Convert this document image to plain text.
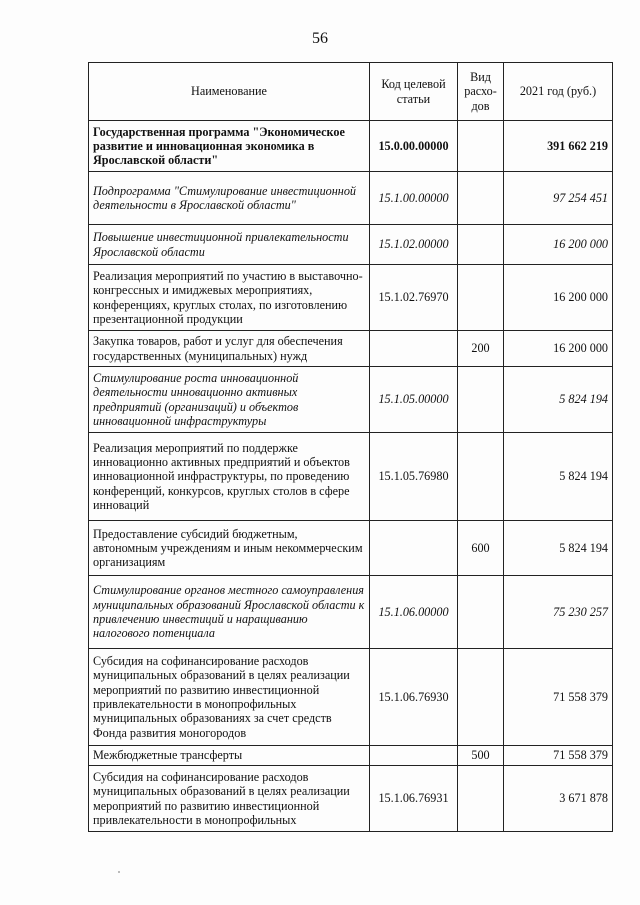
56
Наименование	Код целевой статьи	Вид расхо-дов	2021 год (руб.)
Государственная программа "Экономическое развитие и инновационная экономика в Ярославской области"	15.0.00.00000		391 662 219
Подпрограмма "Стимулирование инвестиционной деятельности в Ярославской области"	15.1.00.00000		97 254 451
Повышение инвестиционной привлекательности Ярославской области	15.1.02.00000		16 200 000
Реализация мероприятий по участию в выставочно-конгрессных и имиджевых мероприятиях, конференциях, круглых столах, по изготовлению презентационной продукции	15.1.02.76970		16 200 000
Закупка товаров, работ и услуг для обеспечения государственных (муниципальных) нужд		200	16 200 000
Стимулирование роста инновационной деятельности инновационно активных предприятий (организаций) и объектов инновационной инфраструктуры	15.1.05.00000		5 824 194
Реализация мероприятий по поддержке инновационно активных предприятий и объектов инновационной инфраструктуры, по проведению конференций, конкурсов, круглых столов в сфере инноваций	15.1.05.76980		5 824 194
Предоставление субсидий бюджетным, автономным учреждениям и иным некоммерческим организациям		600	5 824 194
Стимулирование органов местного самоуправления муниципальных образований Ярославской области к привлечению инвестиций и наращиванию налогового потенциала	15.1.06.00000		75 230 257
Субсидия на софинансирование расходов муниципальных образований в целях реализации мероприятий по развитию инвестиционной привлекательности в монопрофильных муниципальных образованиях за счет средств Фонда развития моногородов	15.1.06.76930		71 558 379
Межбюджетные трансферты		500	71 558 379
Субсидия на софинансирование расходов муниципальных образований в целях реализации мероприятий по развитию инвестиционной привлекательности в монопрофильных	15.1.06.76931		3 671 878
